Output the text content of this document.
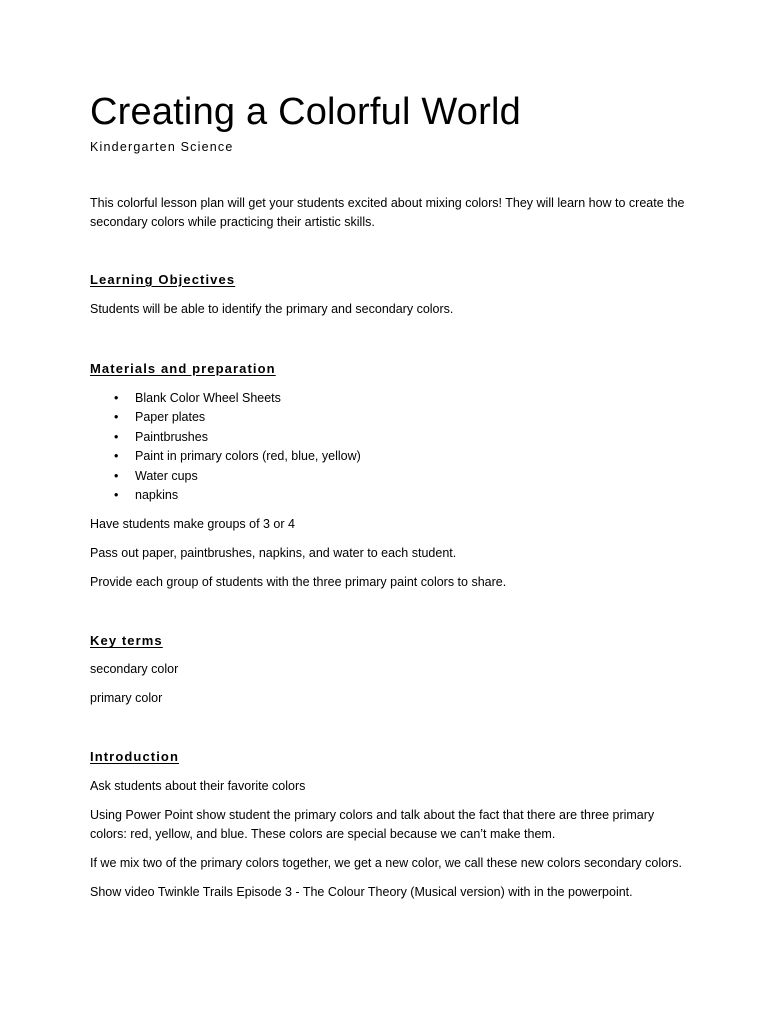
Creating a Colorful World
Kindergarten Science

This colorful lesson plan will get your students excited about mixing colors! They will learn how to create the secondary colors while practicing their artistic skills.

Learning Objectives

Students will be able to identify the primary and secondary colors.

Materials and preparation
• Blank Color Wheel Sheets
• Paper plates
• Paintbrushes
• Paint in primary colors (red, blue, yellow)
• Water cups
• napkins

Have students make groups of 3 or 4

Pass out paper, paintbrushes, napkins, and water to each student.

Provide each group of students with the three primary paint colors to share.

Key terms

secondary color

primary color

Introduction

Ask students about their favorite colors

Using Power Point show student the primary colors and talk about the fact that there are three primary colors: red, yellow, and blue. These colors are special because we can’t make them.

If we mix two of the primary colors together, we get a new color, we call these new colors secondary colors.

Show video Twinkle Trails Episode 3 - The Colour Theory (Musical version) with in the powerpoint.
